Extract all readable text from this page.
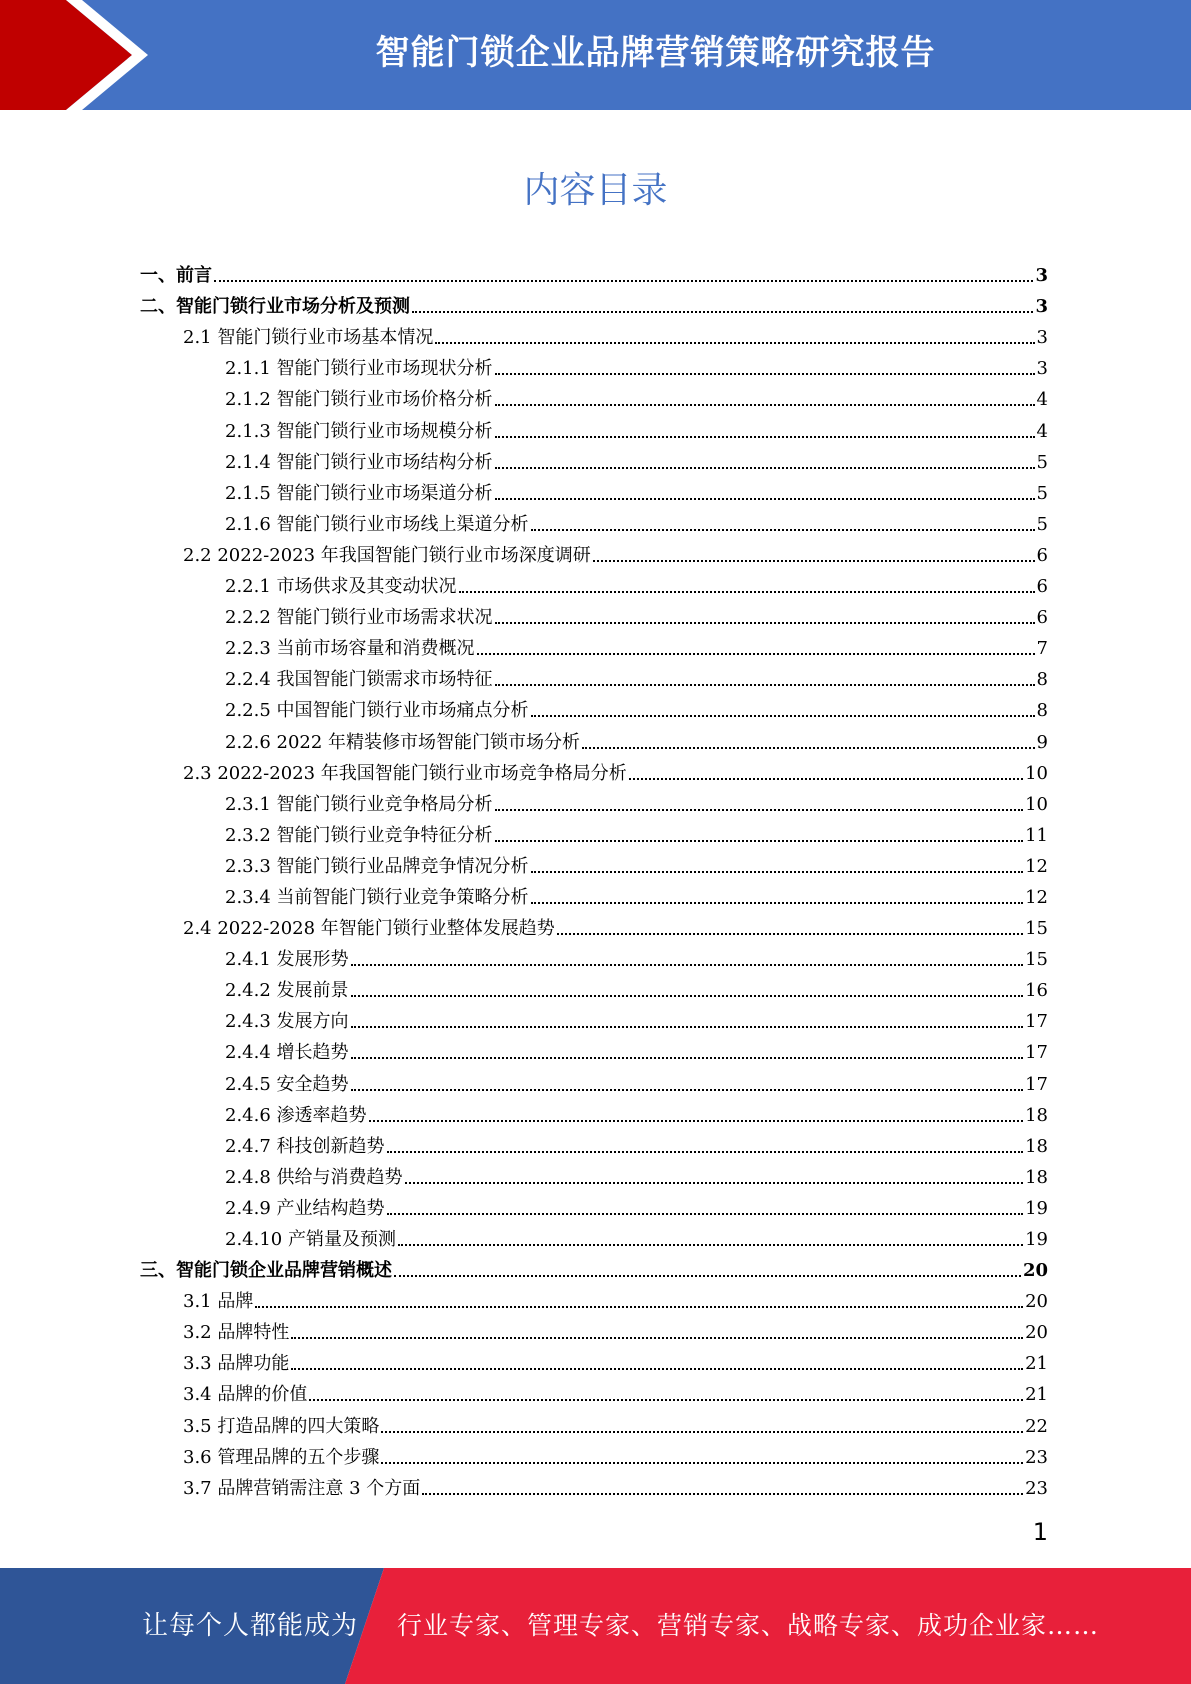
智能门锁企业品牌营销策略研究报告
内容目录
一、前言	3
二、智能门锁行业市场分析及预测	3
2.1 智能门锁行业市场基本情况	3
2.1.1 智能门锁行业市场现状分析	3
2.1.2 智能门锁行业市场价格分析	4
2.1.3 智能门锁行业市场规模分析	4
2.1.4 智能门锁行业市场结构分析	5
2.1.5 智能门锁行业市场渠道分析	5
2.1.6 智能门锁行业市场线上渠道分析	5
2.2 2022-2023 年我国智能门锁行业市场深度调研	6
2.2.1 市场供求及其变动状况	6
2.2.2 智能门锁行业市场需求状况	6
2.2.3 当前市场容量和消费概况	7
2.2.4 我国智能门锁需求市场特征	8
2.2.5 中国智能门锁行业市场痛点分析	8
2.2.6 2022 年精装修市场智能门锁市场分析	9
2.3 2022-2023 年我国智能门锁行业市场竞争格局分析	10
2.3.1 智能门锁行业竞争格局分析	10
2.3.2 智能门锁行业竞争特征分析	11
2.3.3 智能门锁行业品牌竞争情况分析	12
2.3.4 当前智能门锁行业竞争策略分析	12
2.4 2022-2028 年智能门锁行业整体发展趋势	15
2.4.1 发展形势	15
2.4.2 发展前景	16
2.4.3 发展方向	17
2.4.4 增长趋势	17
2.4.5 安全趋势	17
2.4.6 渗透率趋势	18
2.4.7 科技创新趋势	18
2.4.8 供给与消费趋势	18
2.4.9 产业结构趋势	19
2.4.10 产销量及预测	19
三、智能门锁企业品牌营销概述	20
3.1 品牌	20
3.2 品牌特性	20
3.3 品牌功能	21
3.4 品牌的价值	21
3.5 打造品牌的四大策略	22
3.6 管理品牌的五个步骤	23
3.7 品牌营销需注意 3 个方面	23
1
让每个人都能成为 行业专家、管理专家、营销专家、战略专家、成功企业家……
